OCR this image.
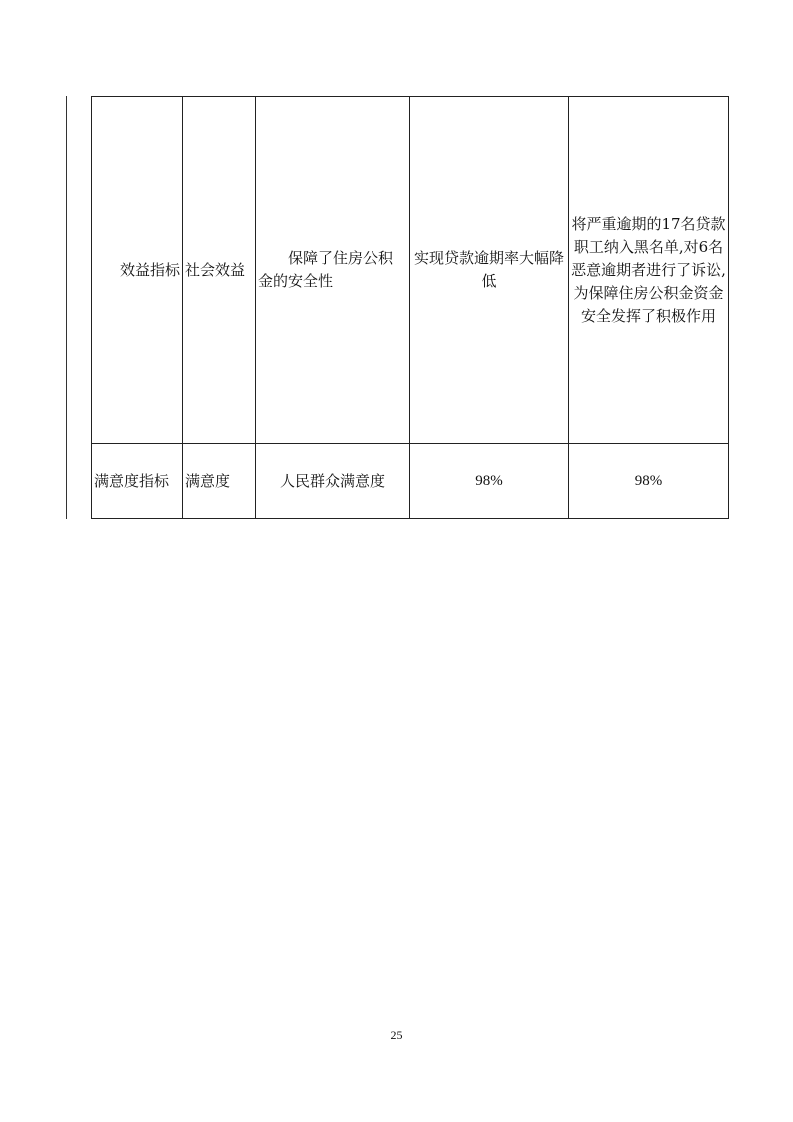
效益指标	社会效益	保障了住房公积金的安全性	实现贷款逾期率大幅降低	将严重逾期的17名贷款职工纳入黑名单,对6名恶意逾期者进行了诉讼,为保障住房公积金资金安全发挥了积极作用
满意度指标	满意度	人民群众满意度	98%	98%
25
